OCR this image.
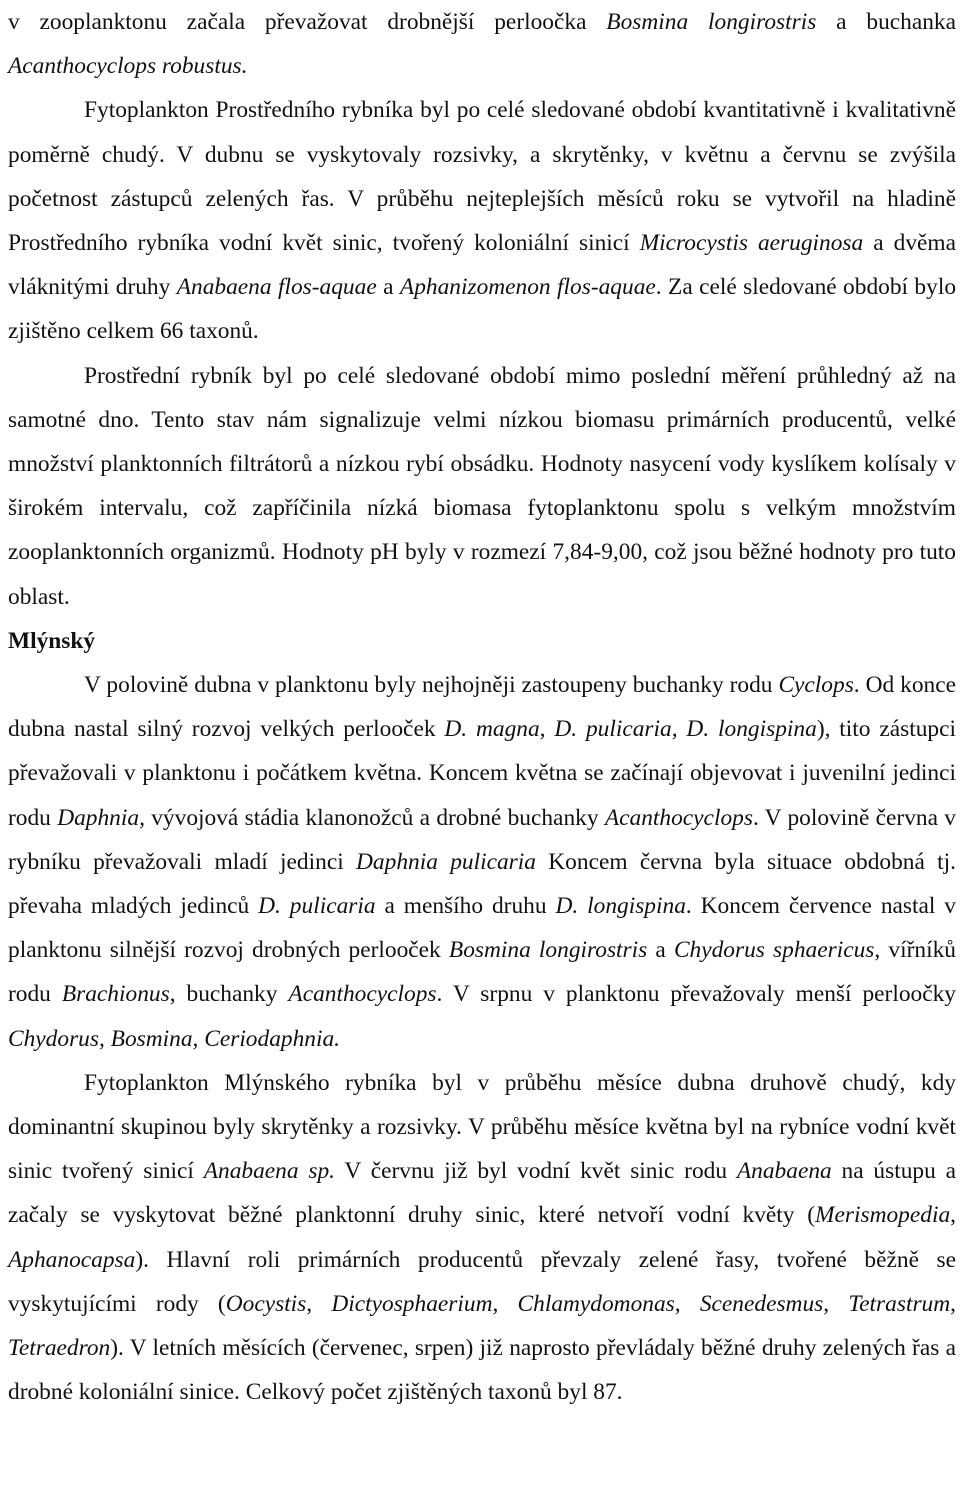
v zooplanktonu začala převažovat drobnější perloočka Bosmina longirostris a buchanka Acanthocyclops robustus.

Fytoplankton Prostředního rybníka byl po celé sledované období kvantitativně i kvalitativně poměrně chudý. V dubnu se vyskytovaly rozsivky, a skrytěnky, v květnu a červnu se zvýšila početnost zástupců zelených řas. V průběhu nejteplejších měsíců roku se vytvořil na hladině Prostředního rybníka vodní květ sinic, tvořený koloniální sinicí Microcystis aeruginosa a dvěma vláknitými druhy Anabaena flos-aquae a Aphanizomenon flos-aquae. Za celé sledované období bylo zjištěno celkem 66 taxonů.

Prostřední rybník byl po celé sledované období mimo poslední měření průhledný až na samotné dno. Tento stav nám signalizuje velmi nízkou biomasu primárních producentů, velké množství planktonních filtrátorů a nízkou rybí obsádku. Hodnoty nasycení vody kyslíkem kolísaly v širokém intervalu, což zapříčinila nízká biomasa fytoplanktonu spolu s velkým množstvím zooplanktonních organizmů. Hodnoty pH byly v rozmezí 7,84-9,00, což jsou běžné hodnoty pro tuto oblast.

Mlýnský

V polovině dubna v planktonu byly nejhojněji zastoupeny buchanky rodu Cyclops. Od konce dubna nastal silný rozvoj velkých perlooček D. magna, D. pulicaria, D. longispina), tito zástupci převažovali v planktonu i počátkem května. Koncem května se začínají objevovat i juvenilní jedinci rodu Daphnia, vývojová stádia klanonožců a drobné buchanky Acanthocyclops. V polovině června v rybníku převažovali mladí jedinci Daphnia pulicaria Koncem června byla situace obdobná tj. převaha mladých jedinců D. pulicaria a menšího druhu D. longispina. Koncem července nastal v planktonu silnější rozvoj drobných perlooček Bosmina longirostris a Chydorus sphaericus, vířníků rodu Brachionus, buchanky Acanthocyclops. V srpnu v planktonu převažovaly menší perloočky Chydorus, Bosmina, Ceriodaphnia.

Fytoplankton Mlýnského rybníka byl v průběhu měsíce dubna druhově chudý, kdy dominantní skupinou byly skrytěnky a rozsivky. V průběhu měsíce května byl na rybníce vodní květ sinic tvořený sinicí Anabaena sp. V červnu již byl vodní květ sinic rodu Anabaena na ústupu a začaly se vyskytovat běžné planktonní druhy sinic, které netvoří vodní květy (Merismopedia, Aphanocapsa). Hlavní roli primárních producentů převzaly zelené řasy, tvořené běžně se vyskytujícími rody (Oocystis, Dictyosphaerium, Chlamydomonas, Scenedesmus, Tetrastrum, Tetraedron). V letních měsících (červenec, srpen) již naprosto převládaly běžné druhy zelených řas a drobné koloniální sinice. Celkový počet zjištěných taxonů byl 87.
